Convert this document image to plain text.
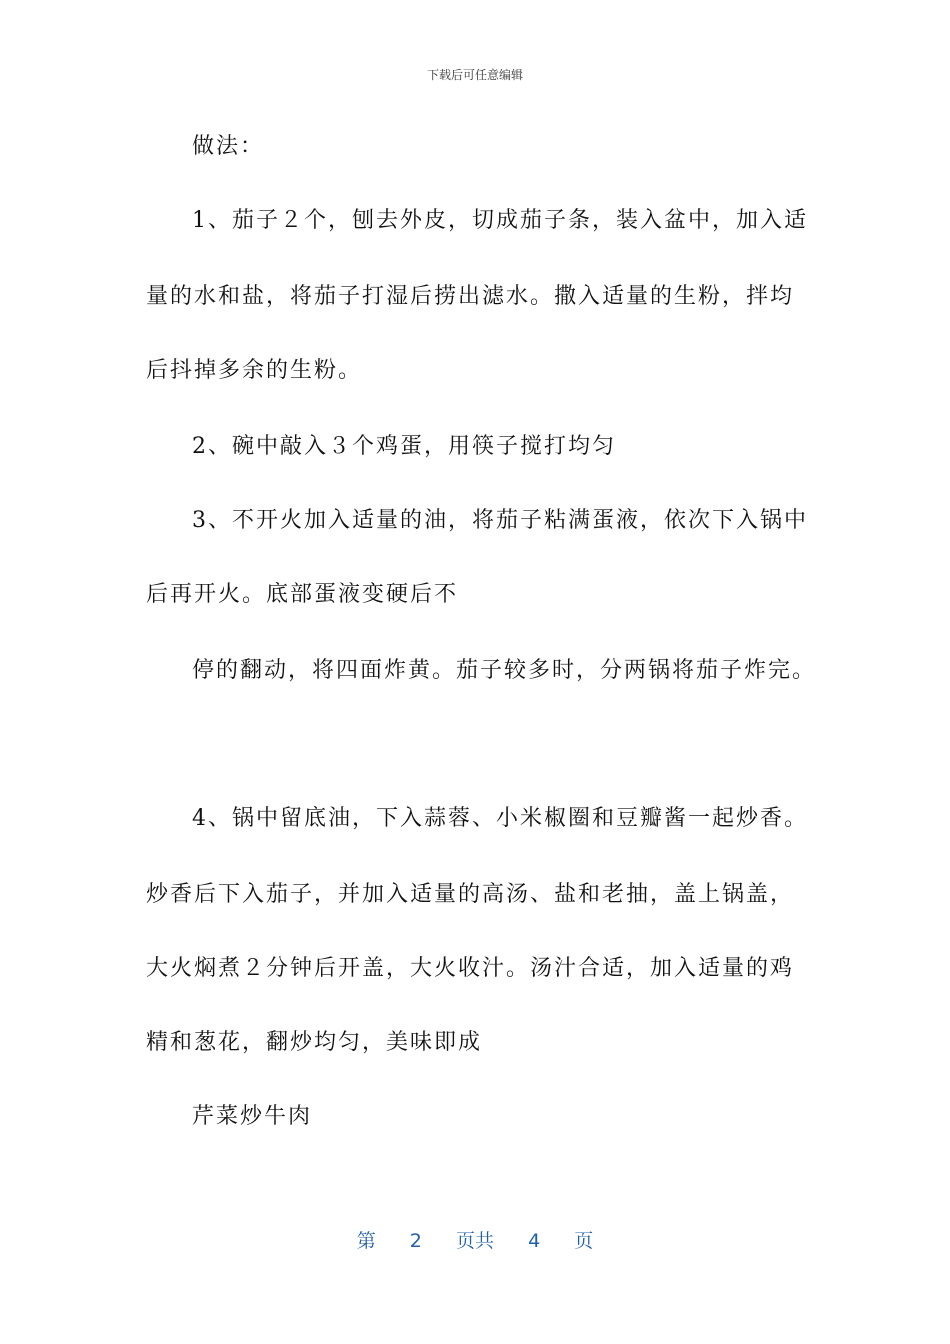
下载后可任意编辑
做法：
1、茄子２个，刨去外皮，切成茄子条，装入盆中，加入适
量的水和盐，将茄子打湿后捞出滤水。撒入适量的生粉，拌均
后抖掉多余的生粉。
2、碗中敲入３个鸡蛋，用筷子搅打均匀
3、不开火加入适量的油，将茄子粘满蛋液，依次下入锅中
后再开火。底部蛋液变硬后不
停的翻动，将四面炸黄。茄子较多时，分两锅将茄子炸完。
4、锅中留底油，下入蒜蓉、小米椒圈和豆瓣酱一起炒香。
炒香后下入茄子，并加入适量的高汤、盐和老抽，盖上锅盖，
大火焖煮２分钟后开盖，大火收汁。汤汁合适，加入适量的鸡
精和葱花，翻炒均匀，美味即成
芹菜炒牛肉
第 2 页共 4 页
